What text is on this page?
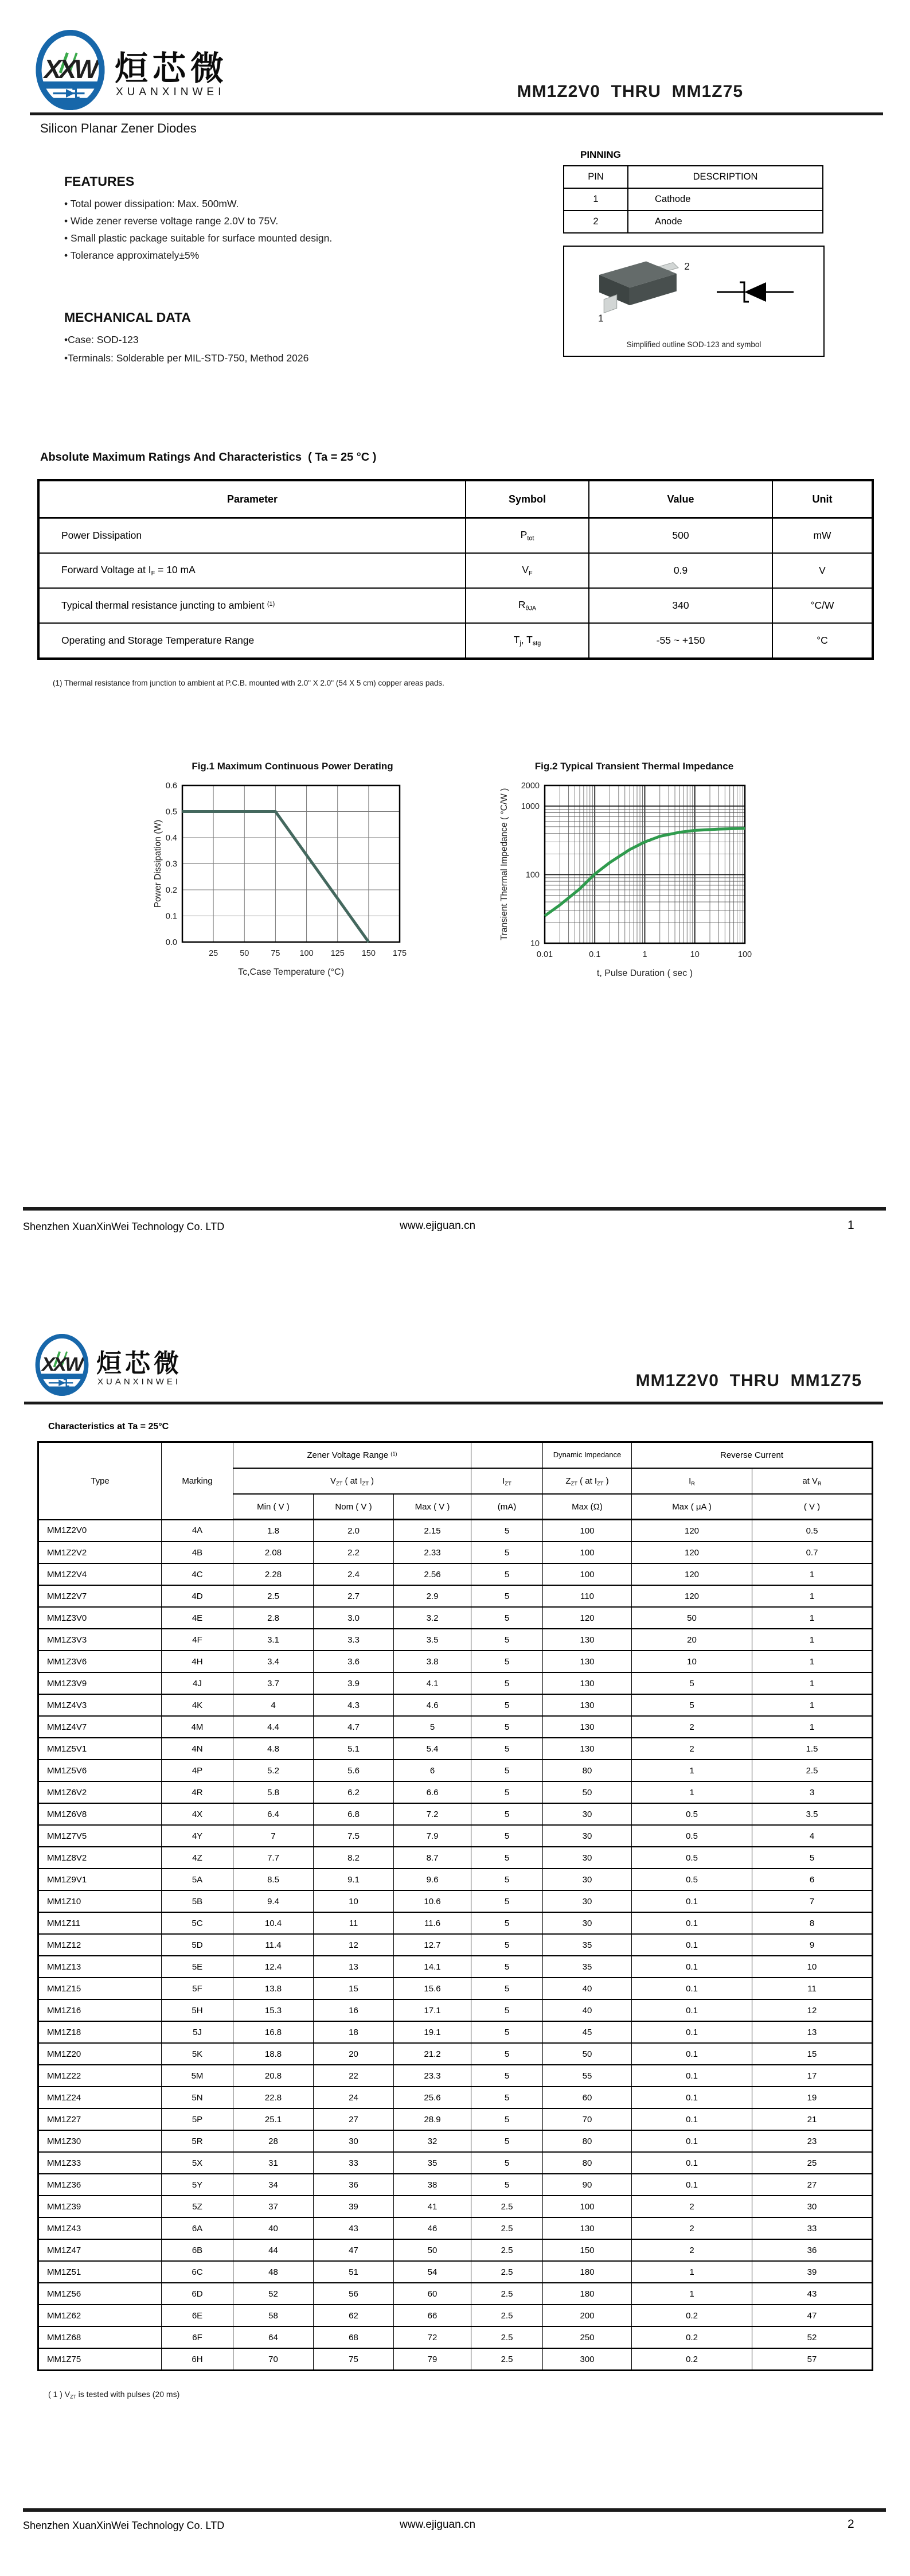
XXW 烜芯微
XUANXINWEI	MM1Z2V0  THRU  MM1Z75
Silicon Planar Zener Diodes
FEATURES
• Total power dissipation: Max. 500mW.
• Wide zener reverse voltage range 2.0V to 75V.
• Small plastic package suitable for surface mounted design.
• Tolerance approximately±5%
MECHANICAL DATA
•Case: SOD-123
•Terminals: Solderable per MIL-STD-750, Method 2026
PINNING
PIN	DESCRIPTION
1	Cathode
2	Anode
2
1
Simplified outline SOD-123 and symbol
Absolute Maximum Ratings And Characteristics  ( Ta = 25 °C )
Parameter	Symbol	Value	Unit
Power Dissipation	$P_{tot}$	500	mW
Forward Voltage at $I_F = 10$ mA	$V_F$	0.9	V
Typical thermal resistance juncting to ambient $^{(1)}$	$R_{\theta JA}$	340	°C/W
Operating and Storage Temperature Range	$T_j$, $T_{stg}$	-55 ~ +150	°C
(1) Thermal resistance from junction to ambient at P.C.B. mounted with 2.0" X 2.0" (54 X 5 cm) copper areas pads.
Fig.1 Maximum Continuous Power Derating
25	50	75 100 125 150 175
0.0
0.1
0.2
0.3
0.4
0.5
0.6
Tc,Case Temperature (°C)
Power Dissipation (W)
Fig.2 Typical Transient Thermal Impedance
0.01	0.1	1	10	100
10
100
1000
2000
t, Pulse Duration ( sec )
Transient Thermal Impedance ( °C/W )
Shenzhen XuanXinWei Technology Co. LTD	www.ejiguan.cn	1
XXW 烜芯微
XUANXINWEI	MM1Z2V0  THRU  MM1Z75
Characteristics at Ta = 25°C
Type	Marking	Zener Voltage Range $^{(1)}$				Dynamic Impedance	Reverse Current	
		$V_{ZT}$ ( at $I_{ZT}$ )			$I_{ZT}$	$Z_{ZT}$ ( at $I_{ZT}$ )	$I_R$	at $V_R$
		Min ( V )	Nom ( V )	Max ( V )	(mA)	Max (Ω)	Max ( μA )	( V )
MM1Z2V0	4A	1.8	2.0	2.15	5	100	120	0.5
MM1Z2V2	4B	2.08	2.2	2.33	5	100	120	0.7
MM1Z2V4	4C	2.28	2.4	2.56	5	100	120	1
MM1Z2V7	4D	2.5	2.7	2.9	5	110	120	1
MM1Z3V0	4E	2.8	3.0	3.2	5	120	50	1
MM1Z3V3	4F	3.1	3.3	3.5	5	130	20	1
MM1Z3V6	4H	3.4	3.6	3.8	5	130	10	1
MM1Z3V9	4J	3.7	3.9	4.1	5	130	5	1
MM1Z4V3	4K	4	4.3	4.6	5	130	5	1
MM1Z4V7	4M	4.4	4.7	5	5	130	2	1
MM1Z5V1	4N	4.8	5.1	5.4	5	130	2	1.5
MM1Z5V6	4P	5.2	5.6	6	5	80	1	2.5
MM1Z6V2	4R	5.8	6.2	6.6	5	50	1	3
MM1Z6V8	4X	6.4	6.8	7.2	5	30	0.5	3.5
MM1Z7V5	4Y	7	7.5	7.9	5	30	0.5	4
MM1Z8V2	4Z	7.7	8.2	8.7	5	30	0.5	5
MM1Z9V1	5A	8.5	9.1	9.6	5	30	0.5	6
MM1Z10	5B	9.4	10	10.6	5	30	0.1	7
MM1Z11	5C	10.4	11	11.6	5	30	0.1	8
MM1Z12	5D	11.4	12	12.7	5	35	0.1	9
MM1Z13	5E	12.4	13	14.1	5	35	0.1	10
MM1Z15	5F	13.8	15	15.6	5	40	0.1	11
MM1Z16	5H	15.3	16	17.1	5	40	0.1	12
MM1Z18	5J	16.8	18	19.1	5	45	0.1	13
MM1Z20	5K	18.8	20	21.2	5	50	0.1	15
MM1Z22	5M	20.8	22	23.3	5	55	0.1	17
MM1Z24	5N	22.8	24	25.6	5	60	0.1	19
MM1Z27	5P	25.1	27	28.9	5	70	0.1	21
MM1Z30	5R	28	30	32	5	80	0.1	23
MM1Z33	5X	31	33	35	5	80	0.1	25
MM1Z36	5Y	34	36	38	5	90	0.1	27
MM1Z39	5Z	37	39	41	2.5	100	2	30
MM1Z43	6A	40	43	46	2.5	130	2	33
MM1Z47	6B	44	47	50	2.5	150	2	36
MM1Z51	6C	48	51	54	2.5	180	1	39
MM1Z56	6D	52	56	60	2.5	180	1	43
MM1Z62	6E	58	62	66	2.5	200	0.2	47
MM1Z68	6F	64	68	72	2.5	250	0.2	52
MM1Z75	6H	70	75	79	2.5	300	0.2	57
( 1 ) $V_{ZT}$ is tested with pulses (20 ms)
Shenzhen XuanXinWei Technology Co. LTD	www.ejiguan.cn	2
